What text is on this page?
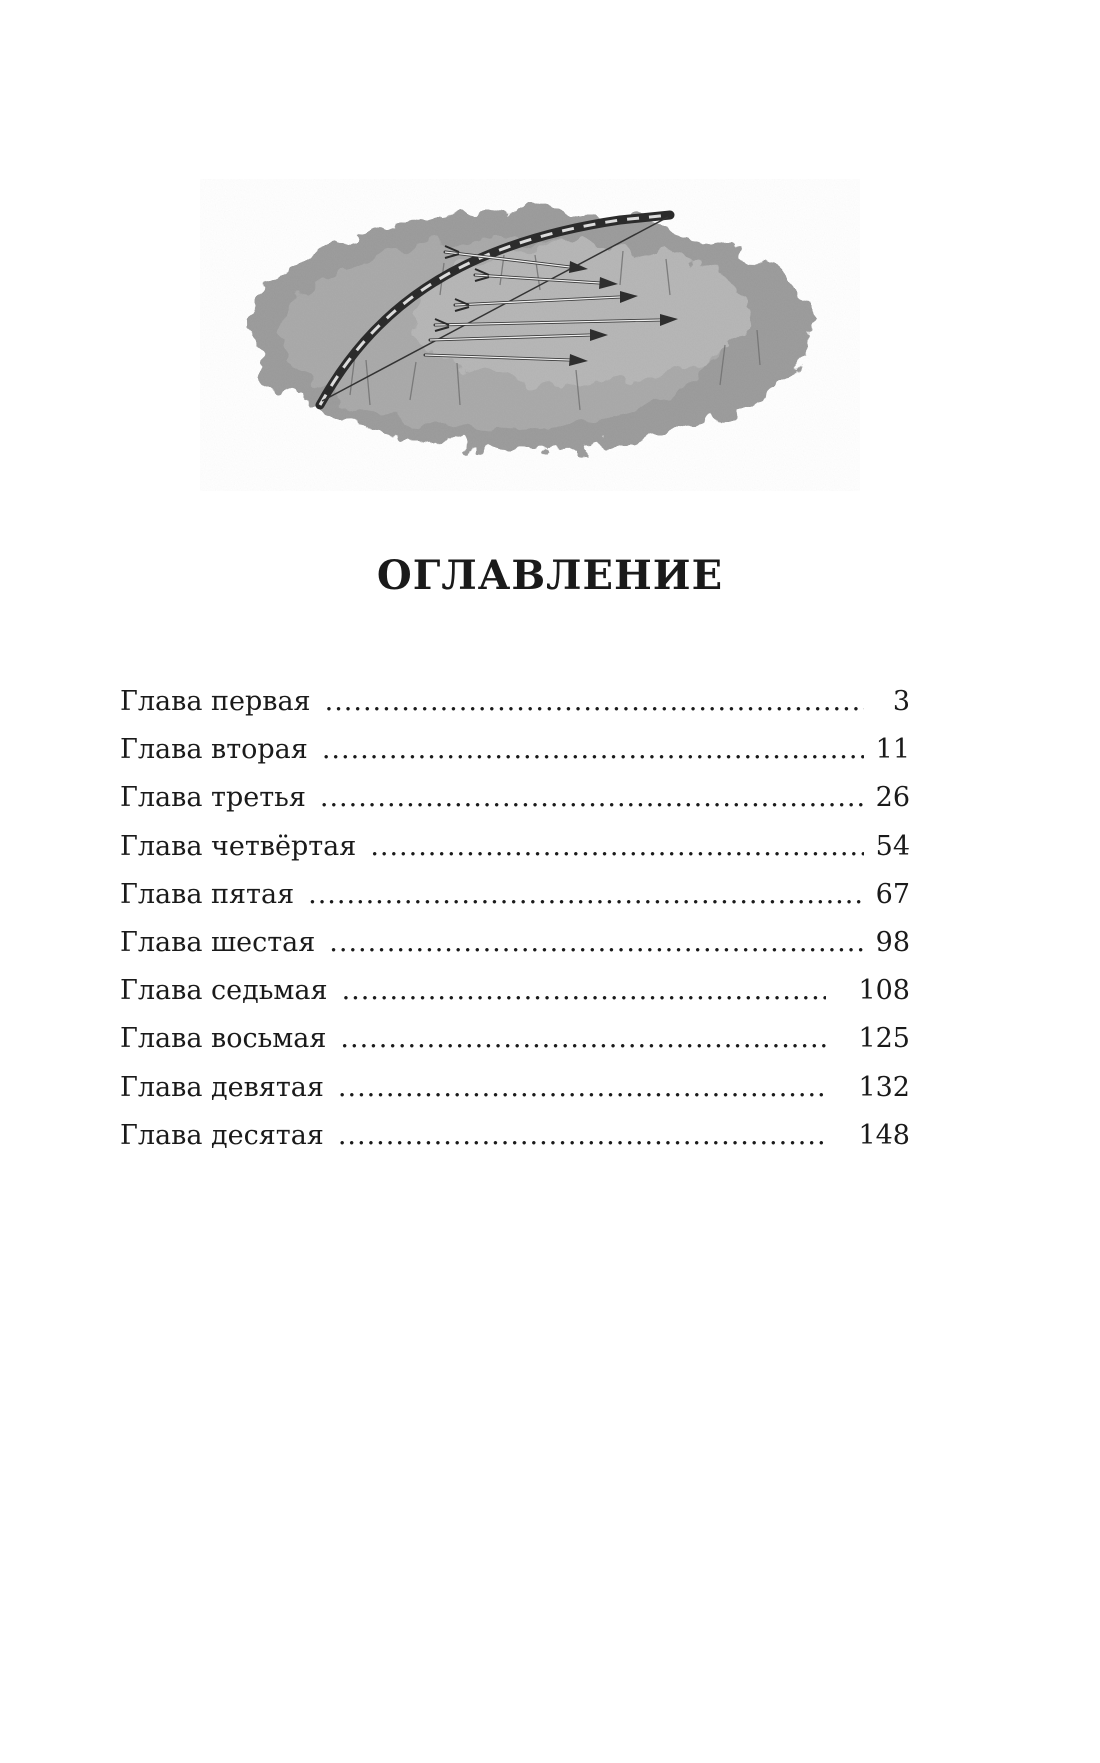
ОГЛАВЛЕНИЕ
Глава первая .....	3
Глава вторая .....	11
Глава третья .....	26
Глава четвёртая .....	54
Глава пятая .....	67
Глава шестая .....	98
Глава седьмая .....	108
Глава восьмая .....	125
Глава девятая .....	132
Глава десятая .....	148
